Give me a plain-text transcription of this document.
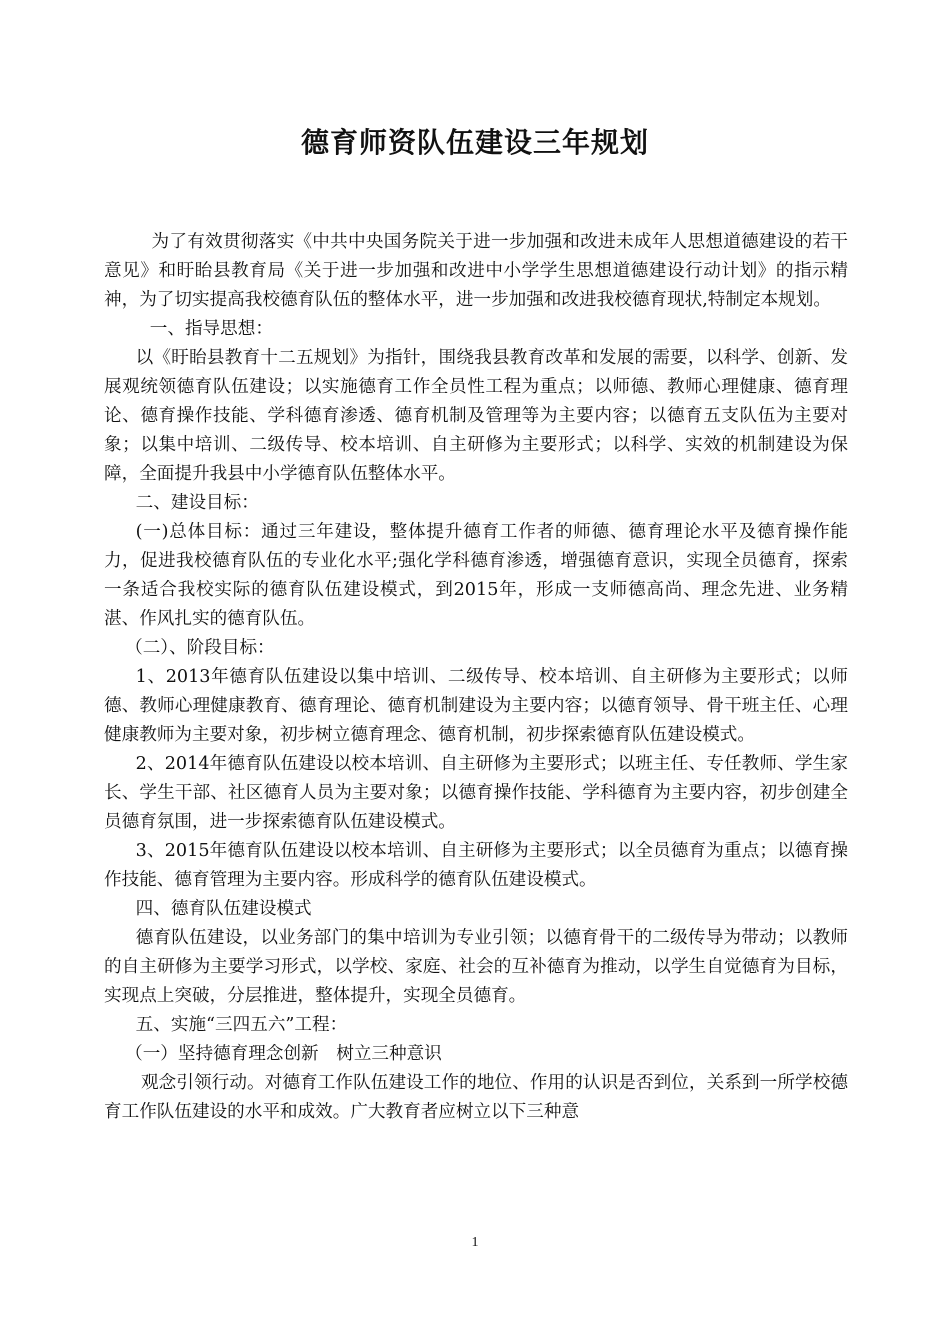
德育师资队伍建设三年规划

为了有效贯彻落实《中共中央国务院关于进一步加强和改进未成年人思想道德建设的若干意见》和盱眙县教育局《关于进一步加强和改进中小学学生思想道德建设行动计划》的指示精神，为了切实提高我校德育队伍的整体水平，进一步加强和改进我校德育现状,特制定本规划。

一、指导思想：

以《盱眙县教育十二五规划》为指针，围绕我县教育改革和发展的需要，以科学、创新、发展观统领德育队伍建设；以实施德育工作全员性工程为重点；以师德、教师心理健康、德育理论、德育操作技能、学科德育渗透、德育机制及管理等为主要内容；以德育五支队伍为主要对象；以集中培训、二级传导、校本培训、自主研修为主要形式；以科学、实效的机制建设为保障，全面提升我县中小学德育队伍整体水平。

二、建设目标：

(一)总体目标：通过三年建设，整体提升德育工作者的师德、德育理论水平及德育操作能力，促进我校德育队伍的专业化水平;强化学科德育渗透，增强德育意识，实现全员德育，探索一条适合我校实际的德育队伍建设模式，到2015年，形成一支师德高尚、理念先进、业务精湛、作风扎实的德育队伍。

（二）、阶段目标：

1、2013年德育队伍建设以集中培训、二级传导、校本培训、自主研修为主要形式；以师德、教师心理健康教育、德育理论、德育机制建设为主要内容；以德育领导、骨干班主任、心理健康教师为主要对象，初步树立德育理念、德育机制，初步探索德育队伍建设模式。

2、2014年德育队伍建设以校本培训、自主研修为主要形式；以班主任、专任教师、学生家长、学生干部、社区德育人员为主要对象；以德育操作技能、学科德育为主要内容，初步创建全员德育氛围，进一步探索德育队伍建设模式。

3、2015年德育队伍建设以校本培训、自主研修为主要形式；以全员德育为重点；以德育操作技能、德育管理为主要内容。形成科学的德育队伍建设模式。

四、德育队伍建设模式

德育队伍建设，以业务部门的集中培训为专业引领；以德育骨干的二级传导为带动；以教师的自主研修为主要学习形式，以学校、家庭、社会的互补德育为推动，以学生自觉德育为目标，实现点上突破，分层推进，整体提升，实现全员德育。

五、实施“三四五六”工程：

（一）坚持德育理念创新　树立三种意识

观念引领行动。对德育工作队伍建设工作的地位、作用的认识是否到位，关系到一所学校德育工作队伍建设的水平和成效。广大教育者应树立以下三种意

1
